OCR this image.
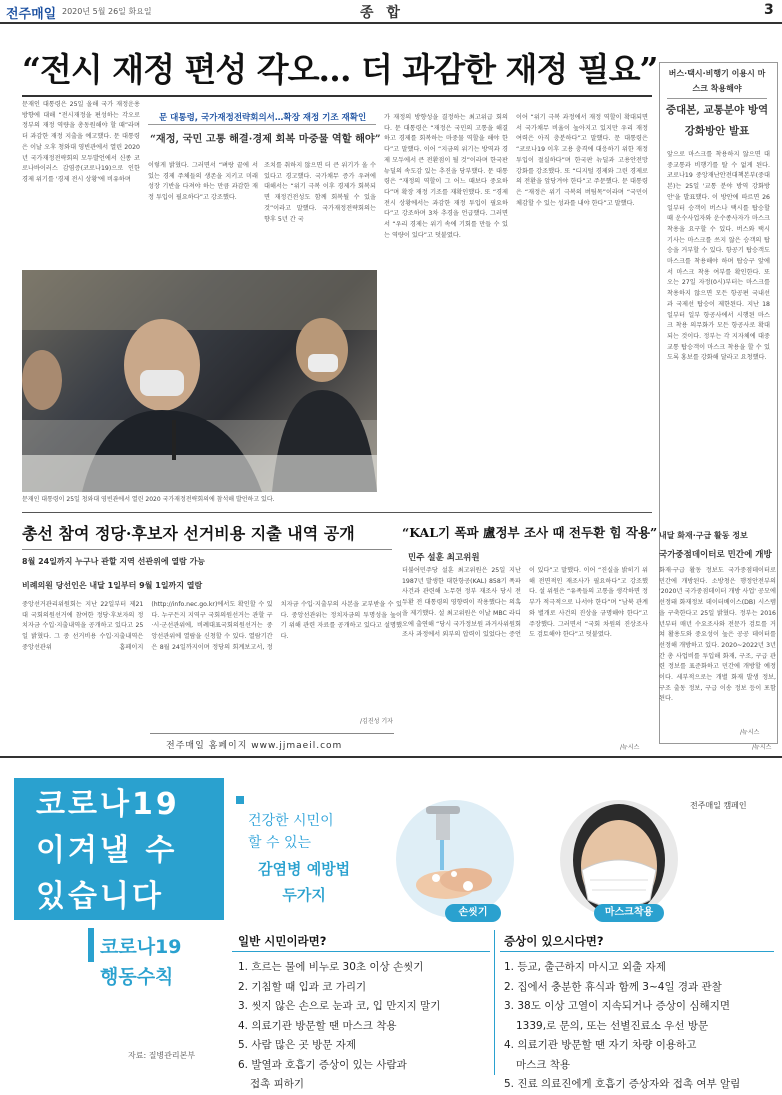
전주매일 2020년 5월 26일 화요일	종 합	3
“전시 재정 편성 각오… 더 과감한 재정 필요”
문재인 대통령은 25일 올해 국가 재정운용 방향에 대해 “전시재정을 편성하는 각오로 정부의 재정 역량을 총동원해야 할 때”라며 더 과감한 재정 지출을 예고했다. 문 대통령은 이날 오후 청와대 영빈관에서 열린 2020년 국가재정전략회의 모두발언에서 신종 코로나바이러스 감염증(코로나19)으로 인한 경제 위기를 '경제 전시 상황'에 비유하며
문 대통령, 국가재정전략회의서…확장 재정 기조 재확인
“재정, 국민 고통 해결·경제 회복 마중물 역할 해야”
이렇게 밝혔다. 그러면서 “벼랑 끝에 서 있는 경제 주체들의 생존을 지키고 미래 성장 기반을 다져야 하는 만큼 과감한 재정 투입이 필요하다”고 강조했다.
조치를 취하지 않으면 더 큰 위기가 올 수 있다고 경고했다. 국가채무 증가 우려에 대해서는 “위기 극복 이후 경제가 회복되면 재정건전성도 함께 회복될 수 있을 것”이라고 말했다. 국가재정전략회의는 향후 5년 간 국
가 재정의 방향성을 결정하는 최고위급 회의다. 문 대통령은 “재정은 국민의 고통을 해결하고 경제를 회복하는 마중물 역할을 해야 한다”고 말했다. 이어 “지금의 위기는 방역과 경제 모두에서 큰 전환점이 될 것”이라며 한국판 뉴딜의 속도감 있는 추진을 당부했다. 문 대통령은 “재정의 역할이 그 어느 때보다 중요하다”며 확장 재정 기조를 재확인했다. 또 “경제 전시 상황에서는 과감한 재정 투입이 필요하다”고 강조하며 3차 추경을 언급했다. 그러면서 “우리 경제는 위기 속에 기회를 만들 수 있는 역량이 있다”고 덧붙였다.
이어 “위기 극복 과정에서 재정 역할이 확대되면서 국가채무 비율이 높아지고 있지만 우리 재정 여력은 아직 충분하다”고 말했다. 문 대통령은 “코로나19 이후 고용 충격에 대응하기 위한 재정 투입이 절실하다”며 한국판 뉴딜과 고용안전망 강화를 강조했다. 또 “디지털 경제와 그린 경제로의 전환을 앞당겨야 한다”고 주문했다. 문 대통령은 “재정은 위기 극복의 버팀목”이라며 “국민이 체감할 수 있는 성과를 내야 한다”고 말했다.
문재인 대통령이 25일 청와대 영빈관에서 열린 2020 국가재정전략회의에 참석해 발언하고 있다.
버스·택시·비행기 이용시 마스크 착용해야
중대본, 교통분야 방역 강화방안 발표
앞으로 마스크를 착용하지 않으면 대중교통과 비행기를 탈 수 없게 된다. 코로나19 중앙재난안전대책본부(중대본)는 25일 '교통 분야 방역 강화방안'을 발표했다. 이 방안에 따르면 26일부터 승객이 버스나 택시를 탑승할 때 운수사업자와 운수종사자가 마스크 착용을 요구할 수 있다. 버스와 택시 기사는 마스크를 쓰지 않은 승객의 탑승을 거부할 수 있다. 항공기 탑승객도 마스크를 착용해야 하며 탑승구 앞에서 마스크 착용 여부를 확인한다. 또 오는 27일 자정(0시)부터는 마스크를 착용하지 않으면 모든 항공편 국내선과 국제선 탑승이 제한된다. 지난 18일부터 일부 항공사에서 시행된 마스크 착용 의무화가 모든 항공사로 확대되는 것이다. 정부는 각 지자체에 대중교통 탑승객이 마스크 착용을 할 수 있도록 홍보를 강화해 달라고 요청했다.
/뉴시스
총선 참여 정당·후보자 선거비용 지출 내역 공개
8월 24일까지 누구나 관할 지역 선관위에 열람 가능
비례의원 당선인은 내달 1일부터 9월 1일까지 열람
중앙선거관리위원회는 지난 22일부터 제21대 국회의원선거에 참여한 정당·후보자의 정치자금 수입·지출내역을 공개하고 있다고 25일 밝혔다. 그 중 선거비용 수입·지출내역은 중앙선관위 홈페이지(http://info.nec.go.kr)에서도 확인할 수 있다. 누구든지 지역구 국회의원선거는 관할 구·시·군선관위에, 비례대표국회의원선거는 중앙선관위에 열람을 신청할 수 있다. 열람기간은 8월 24일까지이며 정당의 회계보고서, 정치자금 수입·지출부의 사본을 교부받을 수 있다. 중앙선관위는 정치자금의 투명성을 높이기 위해 관련 자료를 공개하고 있다고 설명했다.
/김진성 기자
전주매일 홈페이지 www.jjmaeil.com
“KAL기 폭파 盧정부 조사 때 전두환 힘 작용”
민주 설훈 최고위원
더불어민주당 설훈 최고위원은 25일 지난 1987년 발생한 대한항공(KAL) 858기 폭파 사건과 관련해 노무현 정부 재조사 당시 전두환 전 대통령의 영향력이 작용했다는 의혹을 제기했다. 설 최고위원은 이날 MBC 라디오에 출연해 “당시 국가정보원 과거사위원회 조사 과정에서 외부의 압력이 있었다는 증언이 있다”고 말했다. 이어 “진실을 밝히기 위해 전면적인 재조사가 필요하다”고 강조했다. 설 위원은 “유족들의 고통을 생각하면 정부가 적극적으로 나서야 한다”며 “남북 관계와 별개로 사건의 진상을 규명해야 한다”고 주장했다. 그러면서 “국회 차원의 진상조사도 검토해야 한다”고 덧붙였다.
/뉴시스
내달 화재·구급 활동 정보
국가중점데이터로 민간에 개방
화재·구급 활동 정보도 국가중점데이터로 민간에 개방된다. 소방청은 행정안전부의 '2020년 국가중점데이터 개방 사업' 공모에 선정돼 화재정보 데이터베이스(DB) 시스템을 구축한다고 25일 밝혔다. 정부는 2016년부터 매년 수요조사와 전문가 검토를 거쳐 활용도와 중요성이 높은 공공 데이터를 선정해 개방하고 있다. 2020~2022년 3년 간 총 사업비를 투입해 화재, 구조, 구급 관련 정보를 표준화하고 민간에 개방할 예정이다. 세부적으로는 개별 화재 발생 정보, 구조 출동 정보, 구급 이송 정보 등이 포함된다.
/뉴시스
코로나19
이겨낼 수
있습니다
코로나19
행동수칙
자료: 질병관리본부
전주매일 캠페인
건강한 시민이
할 수 있는
감염병 예방법
두가지
손씻기	마스크착용
일반 시민이라면?
1. 흐르는 물에 비누로 30초 이상 손씻기
2. 기침할 때 입과 코 가리기
3. 씻지 않은 손으로 눈과 코, 입 만지지 말기
4. 의료기관 방문할 땐 마스크 착용
5. 사람 많은 곳 방문 자제
6. 발열과 호흡기 증상이 있는 사람과
접촉 피하기
증상이 있으시다면?
1. 등교, 출근하지 마시고 외출 자제
2. 집에서 충분한 휴식과 함께 3~4일 경과 관찰
3. 38도 이상 고열이 지속되거나 증상이 심해지면
1339,로 문의, 또는 선별진료소 우선 방문
4. 의료기관 방문할 땐 자기 차량 이용하고
마스크 착용
5. 진료 의료진에게 호흡기 증상자와 접촉 여부 알림
